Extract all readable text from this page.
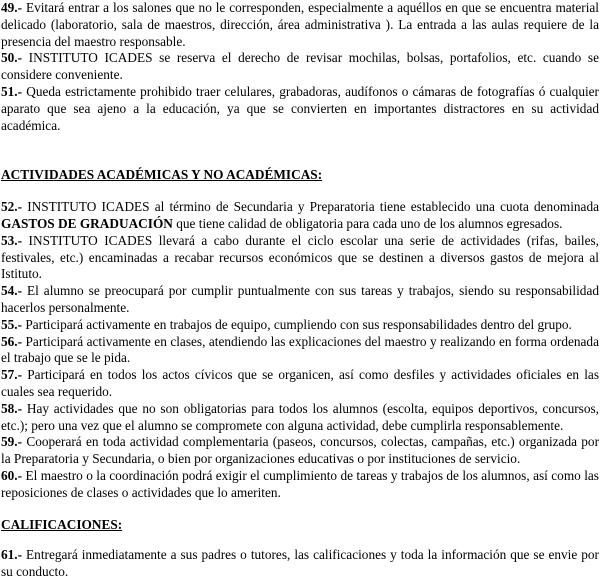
49.- Evitará entrar a los salones que no le corresponden, especialmente a aquéllos en que se encuentra material delicado (laboratorio, sala de maestros, dirección, área administrativa ). La entrada a las aulas requiere de la presencia del maestro responsable.

50.- INSTITUTO ICADES se reserva el derecho de revisar mochilas, bolsas, portafolios, etc. cuando se considere conveniente.

51.- Queda estrictamente prohibido traer celulares, grabadoras, audífonos o cámaras de fotografías ó cualquier aparato que sea ajeno a la educación, ya que se convierten en importantes distractores en su actividad académica.

ACTIVIDADES ACADÉMICAS Y NO ACADÉMICAS:

52.- INSTITUTO ICADES al término de Secundaria y Preparatoria tiene establecido una cuota denominada GASTOS DE GRADUACIÓN que tiene calidad de obligatoria para cada uno de los alumnos egresados.

53.- INSTITUTO ICADES llevará a cabo durante el ciclo escolar una serie de actividades (rifas, bailes, festivales, etc.) encaminadas a recabar recursos económicos que se destinen a diversos gastos de mejora al Istituto.

54.- El alumno se preocupará por cumplir puntualmente con sus tareas y trabajos, siendo su responsabilidad hacerlos personalmente.

55.- Participará activamente en trabajos de equipo, cumpliendo con sus responsabilidades dentro del grupo.

56.- Participará activamente en clases, atendiendo las explicaciones del maestro y realizando en forma ordenada el trabajo que se le pida.

57.- Participará en todos los actos cívicos que se organicen, así como desfiles y actividades oficiales en las cuales sea requerido.

58.- Hay actividades que no son obligatorias para todos los alumnos (escolta, equipos deportivos, concursos, etc.); pero una vez que el alumno se compromete con alguna actividad, debe cumplirla responsablemente.

59.- Cooperará en toda actividad complementaria (paseos, concursos, colectas, campañas, etc.) organizada por la Preparatoria y Secundaria, o bien por organizaciones educativas o por instituciones de servicio.

60.- El maestro o la coordinación podrá exigir el cumplimiento de tareas y trabajos de los alumnos, así como las reposiciones de clases o actividades que lo ameriten.

CALIFICACIONES:

61.- Entregará inmediatamente a sus padres o tutores, las calificaciones y toda la información que se envie por su conducto.
